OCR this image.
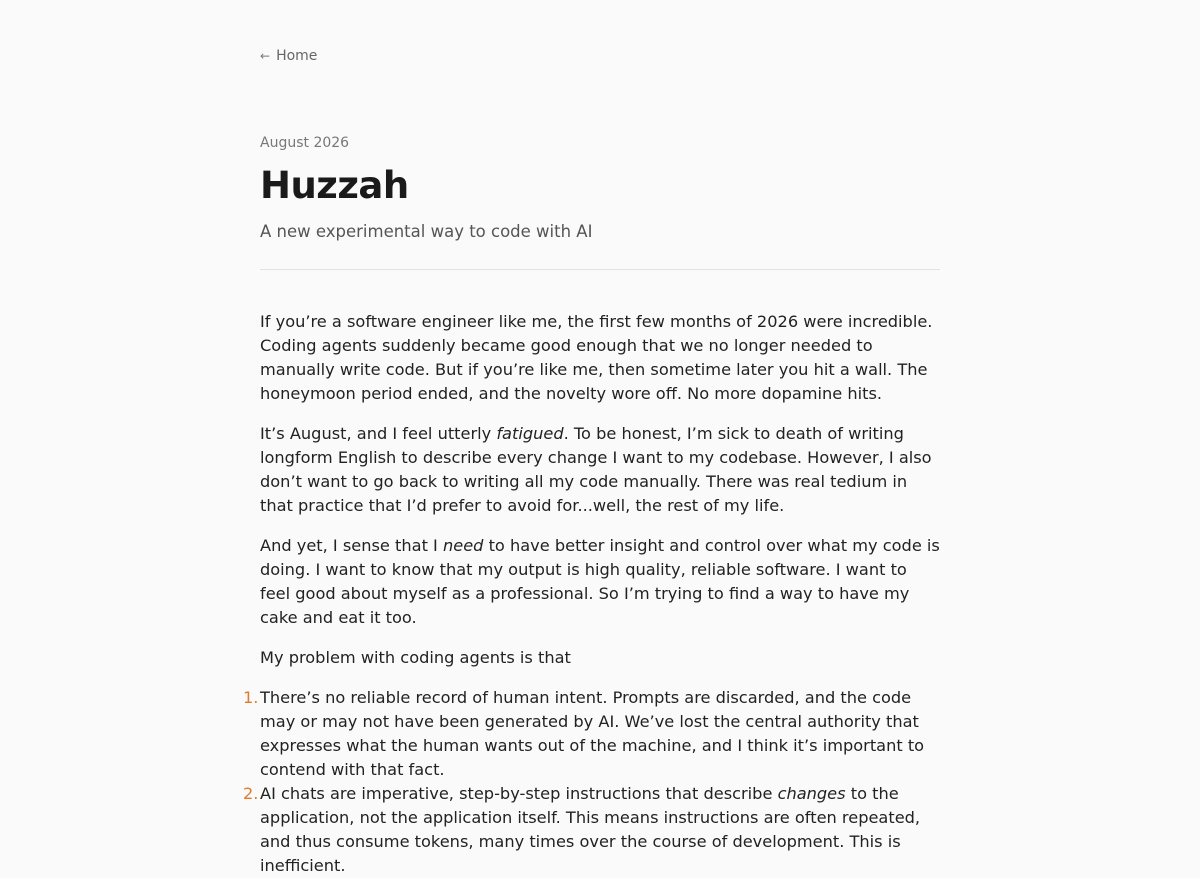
← Home
August 2026
Huzzah
A new experimental way to code with AI

If you’re a software engineer like me, the first few months of 2026 were incredible. Coding agents suddenly became good enough that we no longer needed to manually write code. But if you’re like me, then sometime later you hit a wall. The honeymoon period ended, and the novelty wore off. No more dopamine hits.

It’s August, and I feel utterly fatigued. To be honest, I’m sick to death of writing longform English to describe every change I want to my codebase. However, I also don’t want to go back to writing all my code manually. There was real tedium in that practice that I’d prefer to avoid for...well, the rest of my life.

And yet, I sense that I need to have better insight and control over what my code is doing. I want to know that my output is high quality, reliable software. I want to feel good about myself as a professional. So I’m trying to find a way to have my cake and eat it too.

My problem with coding agents is that

1. There’s no reliable record of human intent. Prompts are discarded, and the code may or may not have been generated by AI. We’ve lost the central authority that expresses what the human wants out of the machine, and I think it’s important to contend with that fact.
2. AI chats are imperative, step-by-step instructions that describe changes to the application, not the application itself. This means instructions are often repeated, and thus consume tokens, many times over the course of development. This is inefficient.
